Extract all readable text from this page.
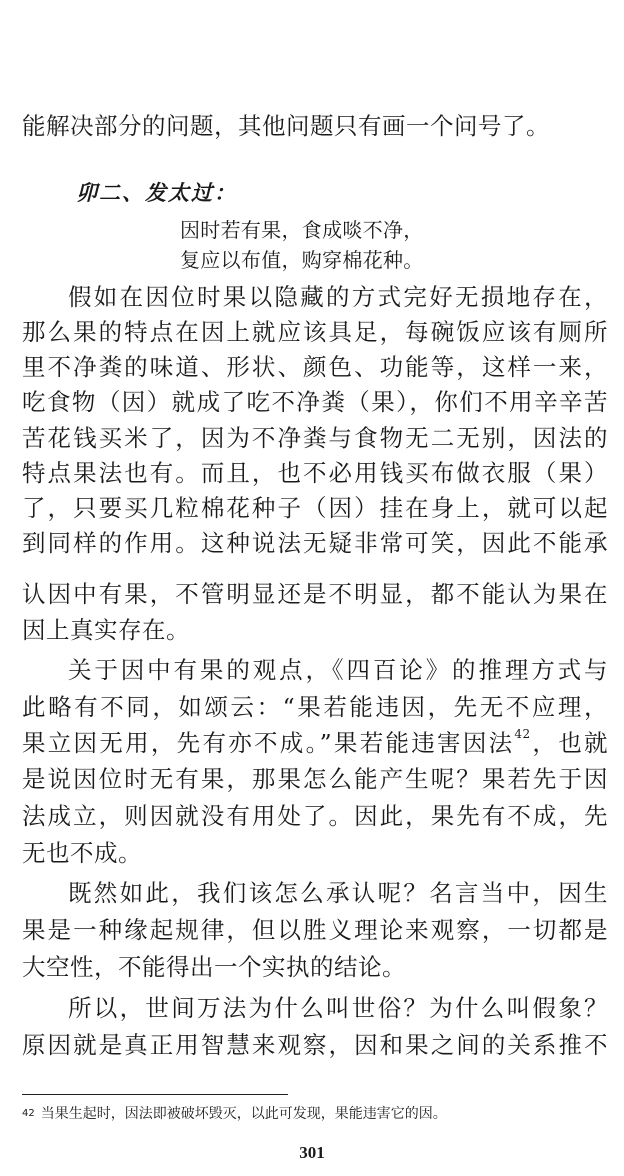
能解决部分的问题，其他问题只有画一个问号了。
卯二、发太过：
因时若有果，食成啖不净，
复应以布值，购穿棉花种。
假如在因位时果以隐藏的方式完好无损地存在，
那么果的特点在因上就应该具足，每碗饭应该有厕所
里不净粪的味道、形状、颜色、功能等，这样一来，
吃食物（因）就成了吃不净粪（果），你们不用辛辛苦
苦花钱买米了，因为不净粪与食物无二无别，因法的
特点果法也有。而且，也不必用钱买布做衣服（果）
了，只要买几粒棉花种子（因）挂在身上，就可以起
到同样的作用。这种说法无疑非常可笑，因此不能承
认因中有果，不管明显还是不明显，都不能认为果在
因上真实存在。
关于因中有果的观点，《四百论》的推理方式与
此略有不同，如颂云：“果若能违因，先无不应理，
果立因无用，先有亦不成。”果若能违害因法$^{42}$，也就
是说因位时无有果，那果怎么能产生呢？果若先于因
法成立，则因就没有用处了。因此，果先有不成，先
无也不成。
既然如此，我们该怎么承认呢？名言当中，因生
果是一种缘起规律，但以胜义理论来观察，一切都是
大空性，不能得出一个实执的结论。
所以，世间万法为什么叫世俗？为什么叫假象？
原因就是真正用智慧来观察，因和果之间的关系推不
$^{42}$ 当果生起时，因法即被破坏毁灭，以此可发现，果能违害它的因。
301
